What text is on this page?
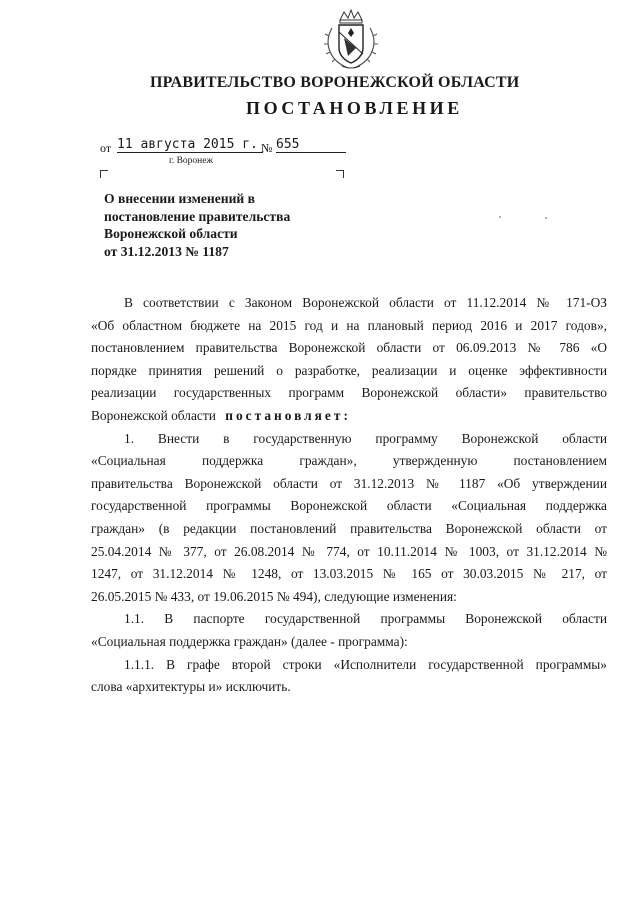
ПРАВИТЕЛЬСТВО ВОРОНЕЖСКОЙ ОБЛАСТИ
ПОСТАНОВЛЕНИЕ
от 11 августа 2015 г. № 655
г. Воронеж
О внесении изменений в
постановление правительства
Воронежской области
от 31.12.2013 № 1187
В соответствии с Законом Воронежской области от 11.12.2014 № 171-ОЗ
«Об областном бюджете на 2015 год и на плановый период 2016 и 2017 годов»,
постановлением правительства Воронежской области от 06.09.2013 № 786 «О
порядке принятия решений о разработке, реализации и оценке эффективности
реализации государственных программ Воронежской области» правительство
Воронежской области постановляет:
1. Внести в государственную программу Воронежской области
«Социальная поддержка граждан», утвержденную постановлением
правительства Воронежской области от 31.12.2013 № 1187 «Об утверждении
государственной программы Воронежской области «Социальная поддержка
граждан» (в редакции постановлений правительства Воронежской области от
25.04.2014 № 377, от 26.08.2014 № 774, от 10.11.2014 № 1003, от 31.12.2014 №
1247, от 31.12.2014 № 1248, от 13.03.2015 № 165 от 30.03.2015 № 217, от
26.05.2015 № 433, от 19.06.2015 № 494), следующие изменения:
1.1. В паспорте государственной программы Воронежской области
«Социальная поддержка граждан» (далее - программа):
1.1.1. В графе второй строки «Исполнители государственной программы»
слова «архитектуры и» исключить.
